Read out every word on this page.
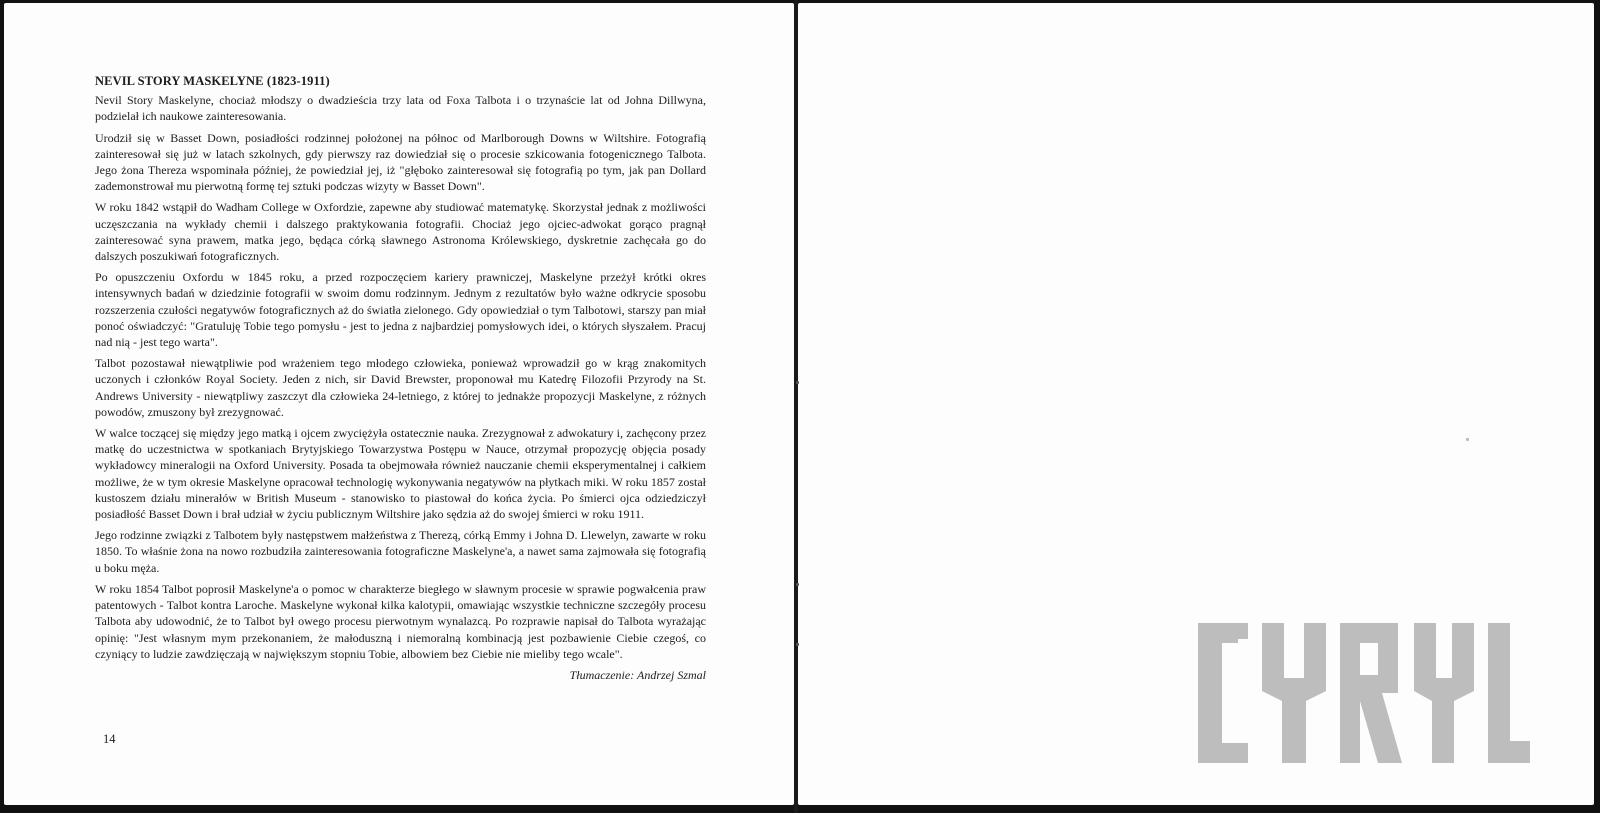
NEVIL STORY MASKELYNE (1823-1911)

Nevil Story Maskelyne, chociaż młodszy o dwadzieścia trzy lata od Foxa Talbota i o trzynaście lat od Johna Dillwyna, podzielał ich naukowe zainteresowania.

Urodził się w Basset Down, posiadłości rodzinnej położonej na północ od Marlborough Downs w Wiltshire. Fotografią zainteresował się już w latach szkolnych, gdy pierwszy raz dowiedział się o procesie szkicowania fotogenicznego Talbota. Jego żona Thereza wspominała później, że powiedział jej, iż "głęboko zainteresował się fotografią po tym, jak pan Dollard zademonstrował mu pierwotną formę tej sztuki podczas wizyty w Basset Down".

W roku 1842 wstąpił do Wadham College w Oxfordzie, zapewne aby studiować matematykę. Skorzystał jednak z możliwości uczęszczania na wykłady chemii i dalszego praktykowania fotografii. Chociaż jego ojciec-adwokat gorąco pragnął zainteresować syna prawem, matka jego, będąca córką sławnego Astronoma Królewskiego, dyskretnie zachęcała go do dalszych poszukiwań fotograficznych.

Po opuszczeniu Oxfordu w 1845 roku, a przed rozpoczęciem kariery prawniczej, Maskelyne przeżył krótki okres intensywnych badań w dziedzinie fotografii w swoim domu rodzinnym. Jednym z rezultatów było ważne odkrycie sposobu rozszerzenia czułości negatywów fotograficznych aż do światła zielonego. Gdy opowiedział o tym Talbotowi, starszy pan miał ponoć oświadczyć: "Gratuluję Tobie tego pomysłu - jest to jedna z najbardziej pomysłowych idei, o których słyszałem. Pracuj nad nią - jest tego warta".

Talbot pozostawał niewątpliwie pod wrażeniem tego młodego człowieka, ponieważ wprowadził go w krąg znakomitych uczonych i członków Royal Society. Jeden z nich, sir David Brewster, proponował mu Katedrę Filozofii Przyrody na St. Andrews University - niewątpliwy zaszczyt dla człowieka 24-letniego, z której to jednakże propozycji Maskelyne, z różnych powodów, zmuszony był zrezygnować.

W walce toczącej się między jego matką i ojcem zwyciężyła ostatecznie nauka. Zrezygnował z adwokatury i, zachęcony przez matkę do uczestnictwa w spotkaniach Brytyjskiego Towarzystwa Postępu w Nauce, otrzymał propozycję objęcia posady wykładowcy mineralogii na Oxford University. Posada ta obejmowała również nauczanie chemii eksperymentalnej i całkiem możliwe, że w tym okresie Maskelyne opracował technologię wykonywania negatywów na płytkach miki. W roku 1857 został kustoszem działu minerałów w British Museum - stanowisko to piastował do końca życia. Po śmierci ojca odziedziczył posiadłość Basset Down i brał udział w życiu publicznym Wiltshire jako sędzia aż do swojej śmierci w roku 1911.

Jego rodzinne związki z Talbotem były następstwem małżeństwa z Therezą, córką Emmy i Johna D. Llewelyn, zawarte w roku 1850. To właśnie żona na nowo rozbudziła zainteresowania fotograficzne Maskelyne'a, a nawet sama zajmowała się fotografią u boku męża.

W roku 1854 Talbot poprosił Maskelyne'a o pomoc w charakterze biegłego w sławnym procesie w sprawie pogwałcenia praw patentowych - Talbot kontra Laroche. Maskelyne wykonał kilka kalotypii, omawiając wszystkie techniczne szczegóły procesu Talbota aby udowodnić, że to Talbot był owego procesu pierwotnym wynalazcą. Po rozprawie napisał do Talbota wyrażając opinię: "Jest własnym mym przekonaniem, że małoduszną i niemoralną kombinacją jest pozbawienie Ciebie czegoś, co czyniący to ludzie zawdzięczają w największym stopniu Tobie, albowiem bez Ciebie nie mieliby tego wcale".

Tłumaczenie: Andrzej Szmal
14
